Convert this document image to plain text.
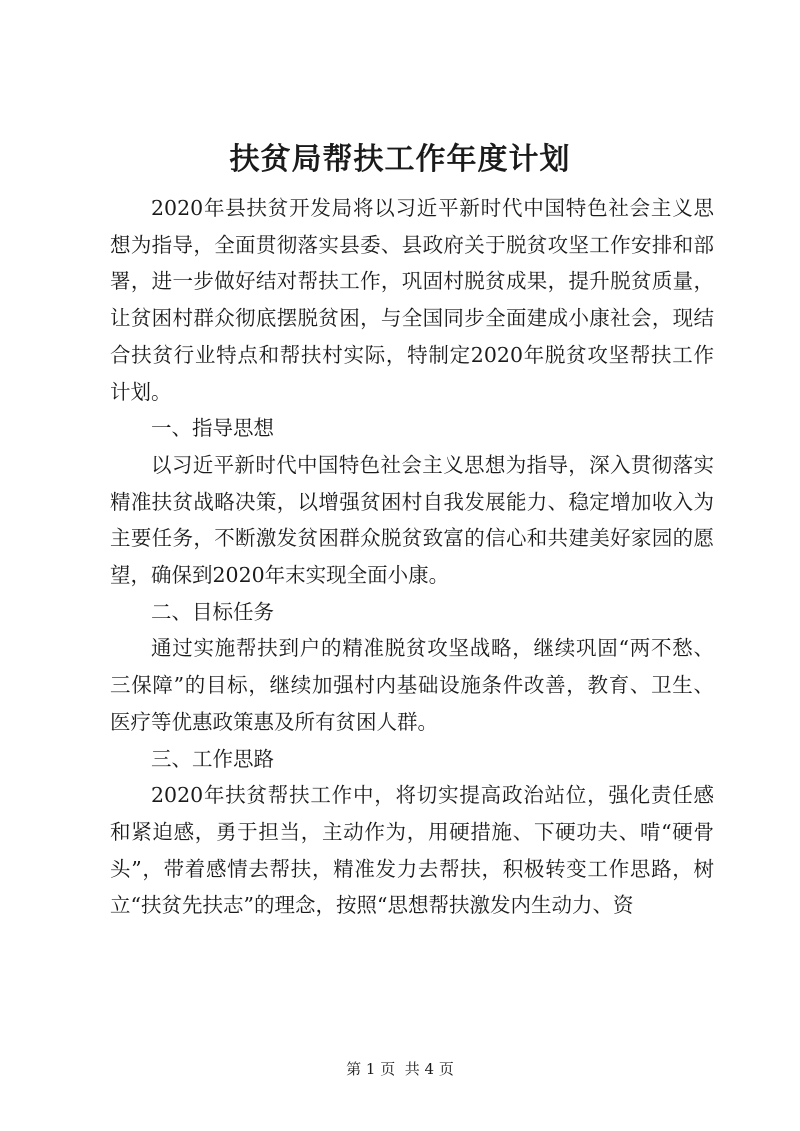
扶贫局帮扶工作年度计划

2020年县扶贫开发局将以习近平新时代中国特色社会主义思想为指导，全面贯彻落实县委、县政府关于脱贫攻坚工作安排和部署，进一步做好结对帮扶工作，巩固村脱贫成果，提升脱贫质量，让贫困村群众彻底摆脱贫困，与全国同步全面建成小康社会，现结合扶贫行业特点和帮扶村实际，特制定2020年脱贫攻坚帮扶工作计划。

一、指导思想

以习近平新时代中国特色社会主义思想为指导，深入贯彻落实精准扶贫战略决策，以增强贫困村自我发展能力、稳定增加收入为主要任务，不断激发贫困群众脱贫致富的信心和共建美好家园的愿望，确保到2020年末实现全面小康。

二、目标任务

通过实施帮扶到户的精准脱贫攻坚战略，继续巩固“两不愁、三保障”的目标，继续加强村内基础设施条件改善，教育、卫生、医疗等优惠政策惠及所有贫困人群。

三、工作思路

2020年扶贫帮扶工作中，将切实提高政治站位，强化责任感和紧迫感，勇于担当，主动作为，用硬措施、下硬功夫、啃“硬骨头”，带着感情去帮扶，精准发力去帮扶，积极转变工作思路，树立“扶贫先扶志”的理念，按照“思想帮扶激发内生动力、资

第 1 页 共 4 页
